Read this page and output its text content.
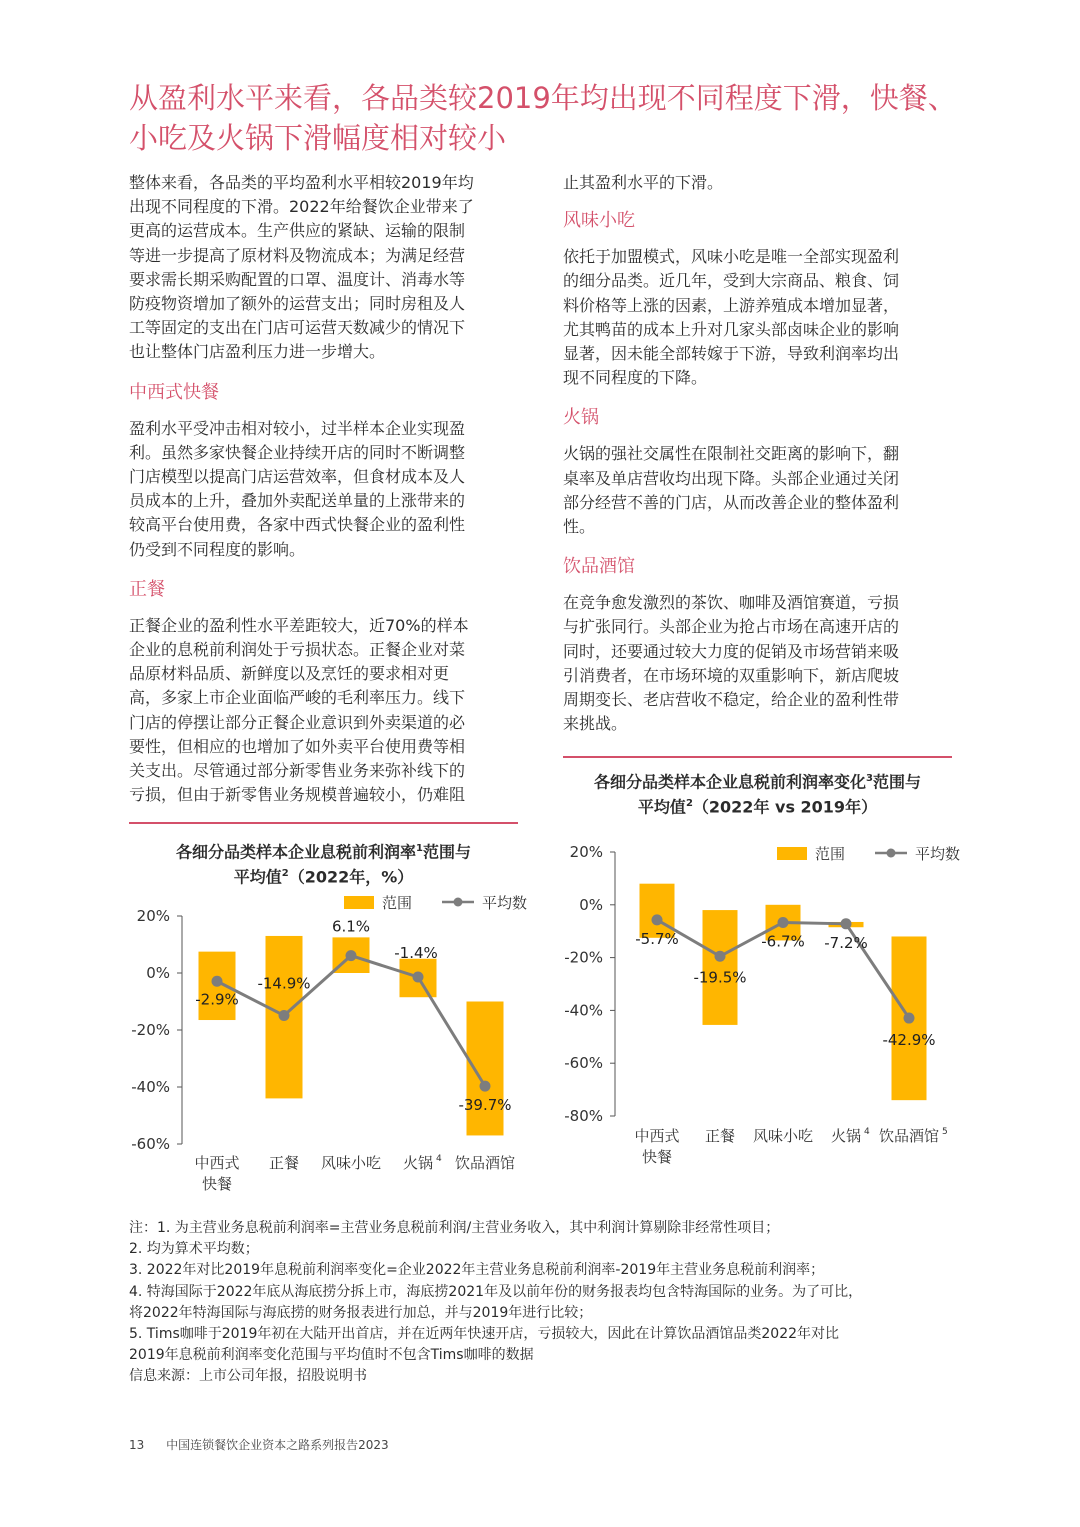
从盈利水平来看，各品类较2019年均出现不同程度下滑，快餐、
小吃及火锅下滑幅度相对较小

整体来看，各品类的平均盈利水平相较2019年均
出现不同程度的下滑。2022年给餐饮企业带来了
更高的运营成本。生产供应的紧缺、运输的限制
等进一步提高了原材料及物流成本；为满足经营
要求需长期采购配置的口罩、温度计、消毒水等
防疫物资增加了额外的运营支出；同时房租及人
工等固定的支出在门店可运营天数减少的情况下
也让整体门店盈利压力进一步增大。

中西式快餐

盈利水平受冲击相对较小，过半样本企业实现盈
利。虽然多家快餐企业持续开店的同时不断调整
门店模型以提高门店运营效率，但食材成本及人
员成本的上升，叠加外卖配送单量的上涨带来的
较高平台使用费，各家中西式快餐企业的盈利性
仍受到不同程度的影响。

正餐

正餐企业的盈利性水平差距较大，近70%的样本
企业的息税前利润处于亏损状态。正餐企业对菜
品原材料品质、新鲜度以及烹饪的要求相对更
高，多家上市企业面临严峻的毛利率压力。线下
门店的停摆让部分正餐企业意识到外卖渠道的必
要性，但相应的也增加了如外卖平台使用费等相
关支出。尽管通过部分新零售业务来弥补线下的
亏损，但由于新零售业务规模普遍较小，仍难阻

止其盈利水平的下滑。

风味小吃

依托于加盟模式，风味小吃是唯一全部实现盈利
的细分品类。近几年，受到大宗商品、粮食、饲
料价格等上涨的因素，上游养殖成本增加显著，
尤其鸭苗的成本上升对几家头部卤味企业的影响
显著，因未能全部转嫁于下游，导致利润率均出
现不同程度的下降。

火锅

火锅的强社交属性在限制社交距离的影响下，翻
桌率及单店营收均出现下降。头部企业通过关闭
部分经营不善的门店，从而改善企业的整体盈利
性。

饮品酒馆

在竞争愈发激烈的茶饮、咖啡及酒馆赛道，亏损
与扩张同行。头部企业为抢占市场在高速开店的
同时，还要通过较大力度的促销及市场营销来吸
引消费者，在市场环境的双重影响下，新店爬坡
周期变长、老店营收不稳定，给企业的盈利性带
来挑战。

各细分品类样本企业息税前利润率$^1$范围与
平均值$^2$（2022年，%）
20%
0%
-20%
-40%
-60%
-2.9%
-14.9%
6.1%
-1.4%
-39.7%
中西式
快餐
正餐 风味小吃 火锅 4 饮品酒馆
范围	平均数
各细分品类样本企业息税前利润率变化$^3$范围与
平均值$^2$（2022年 vs 2019年）
20%
0%
-20%
-40%
-60%
-80%
-5.7%
-19.5%
-6.7% -7.2%
-42.9%
中西式
快餐
正餐 风味小吃 火锅 4 饮品酒馆 5
范围	平均数
注：1. 为主营业务息税前利润率=主营业务息税前利润/主营业务收入，其中利润计算剔除非经常性项目；
2. 均为算术平均数；
3. 2022年对比2019年息税前利润率变化=企业2022年主营业务息税前利润率-2019年主营业务息税前利润率；
4. 特海国际于2022年底从海底捞分拆上市，海底捞2021年及以前年份的财务报表均包含特海国际的业务。为了可比，
将2022年特海国际与海底捞的财务报表进行加总，并与2019年进行比较；
5. Tims咖啡于2019年初在大陆开出首店，并在近两年快速开店，亏损较大，因此在计算饮品酒馆品类2022年对比
2019年息税前利润率变化范围与平均值时不包含Tims咖啡的数据
信息来源：上市公司年报，招股说明书
13 中国连锁餐饮企业资本之路系列报告2023
